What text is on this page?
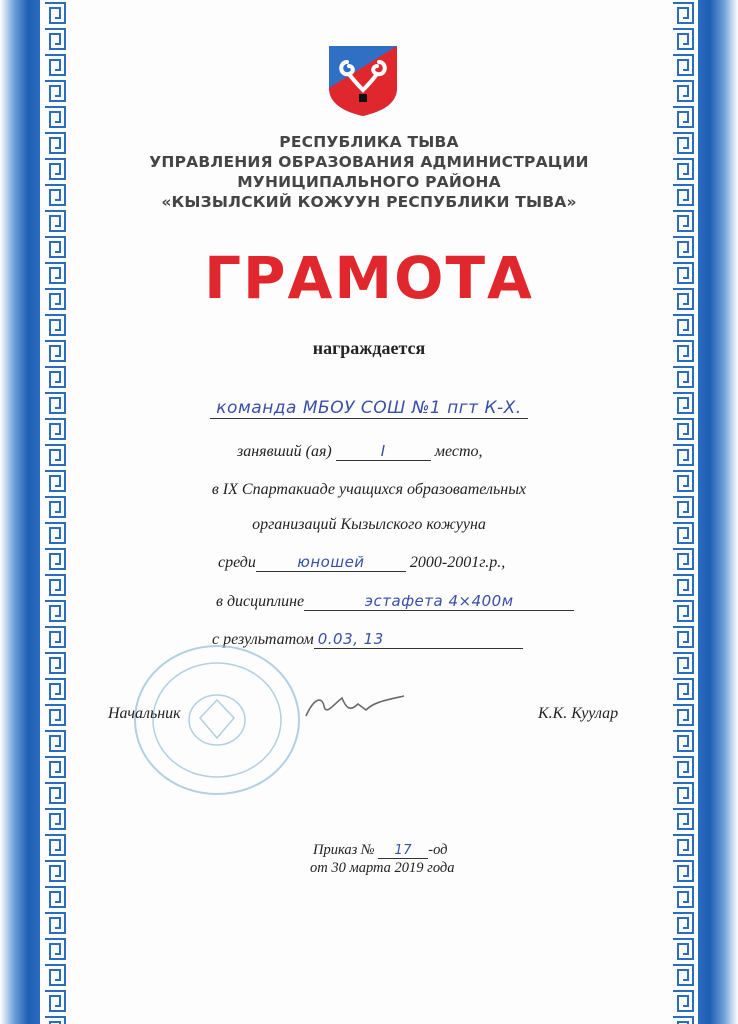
РЕСПУБЛИКА ТЫВА
УПРАВЛЕНИЯ ОБРАЗОВАНИЯ АДМИНИСТРАЦИИ
МУНИЦИПАЛЬНОГО РАЙОНА
«КЫЗЫЛСКИЙ КОЖУУН РЕСПУБЛИКИ ТЫВА»
ГРАМОТА
награждается
команда МБОУ СОШ №1 пгт К-Х.
занявший (ая)	I	место,
в IX Спартакиаде учащихся образовательных
организаций Кызылского кожууна
среди	юношей	2000-2001г.р.,
в дисциплине	эстафета 4×400м
с результатом 0.03, 13
Начальник	К.К. Куулар
Приказ № 17 -од
от 30 марта 2019 года
